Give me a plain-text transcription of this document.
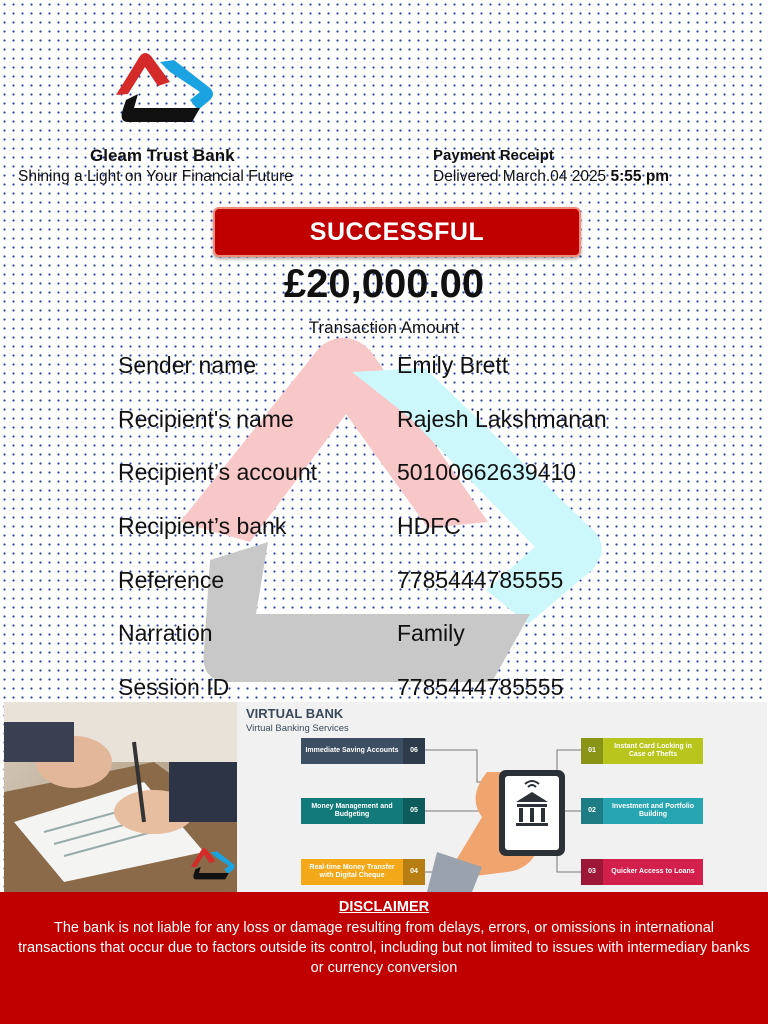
Gleam Trust Bank
Shining a Light on Your Financial Future
Payment Receipt
Delivered March.04 2025 5:55 pm
SUCCESSFUL
£20,000.00
Transaction Amount
Sender name	Emily Brett
Recipient's name	Rajesh Lakshmanan
Recipient’s account	50100662639410
Recipient’s bank	HDFC
Reference	7785444785555
Narration	Family
Session ID	7785444785555
VIRTUAL BANK
Virtual Banking Services
Immediate Saving Accounts	06
Money Management and Budgeting
05
Real-time Money Transfer with Digital Cheque
04
01
Instant Card Locking in Case of Thefts
02
Investment and Portfolio Building
03	Quicker Access to Loans
DISCLAIMER
The bank is not liable for any loss or damage resulting from delays, errors, or omissions in international transactions that occur due to factors outside its control, including but not limited to issues with intermediary banks or currency conversion
